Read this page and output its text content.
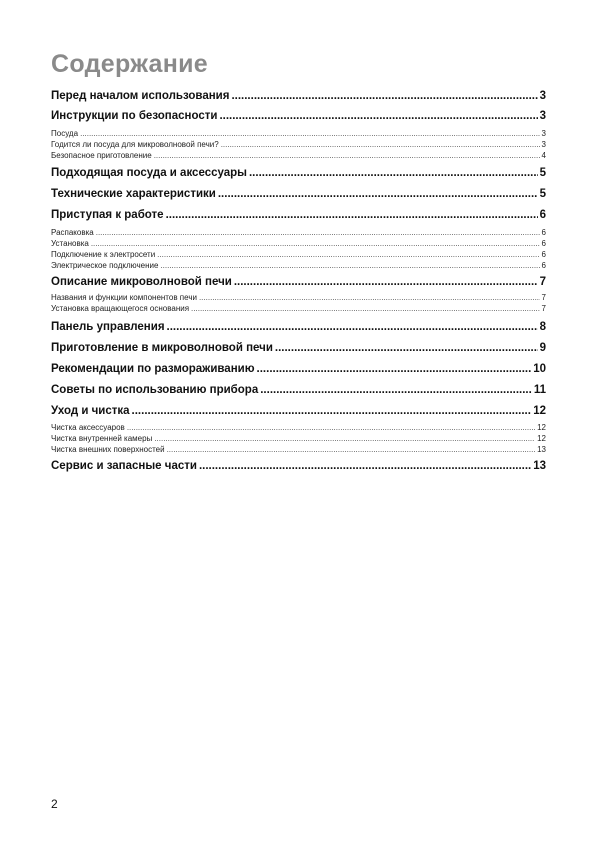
Содержание
Перед началом использования .....	3
Инструкции по безопасности .....	3
Посуда .....	3
Годится ли посуда для микроволновой печи? .....	3
Безопасное приготовление .....	4
Подходящая посуда и аксессуары .....	5
Технические характеристики .....	5
Приступая к работе .....	6
Распаковка .....	6
Установка .....	6
Подключение к электросети .....	6
Электрическое подключение .....	6
Описание микроволновой печи .....	7
Названия и функции компонентов печи .....	7
Установка вращающегося основания .....	7
Панель управления .....	8
Приготовление в микроволновой печи .....	9
Рекомендации по размораживанию .....	10
Советы по использованию прибора .....	11
Уход и чистка .....	12
Чистка аксессуаров .....	12
Чистка внутренней камеры .....	12
Чистка внешних поверхностей .....	13
Сервис и запасные части .....	13
2
